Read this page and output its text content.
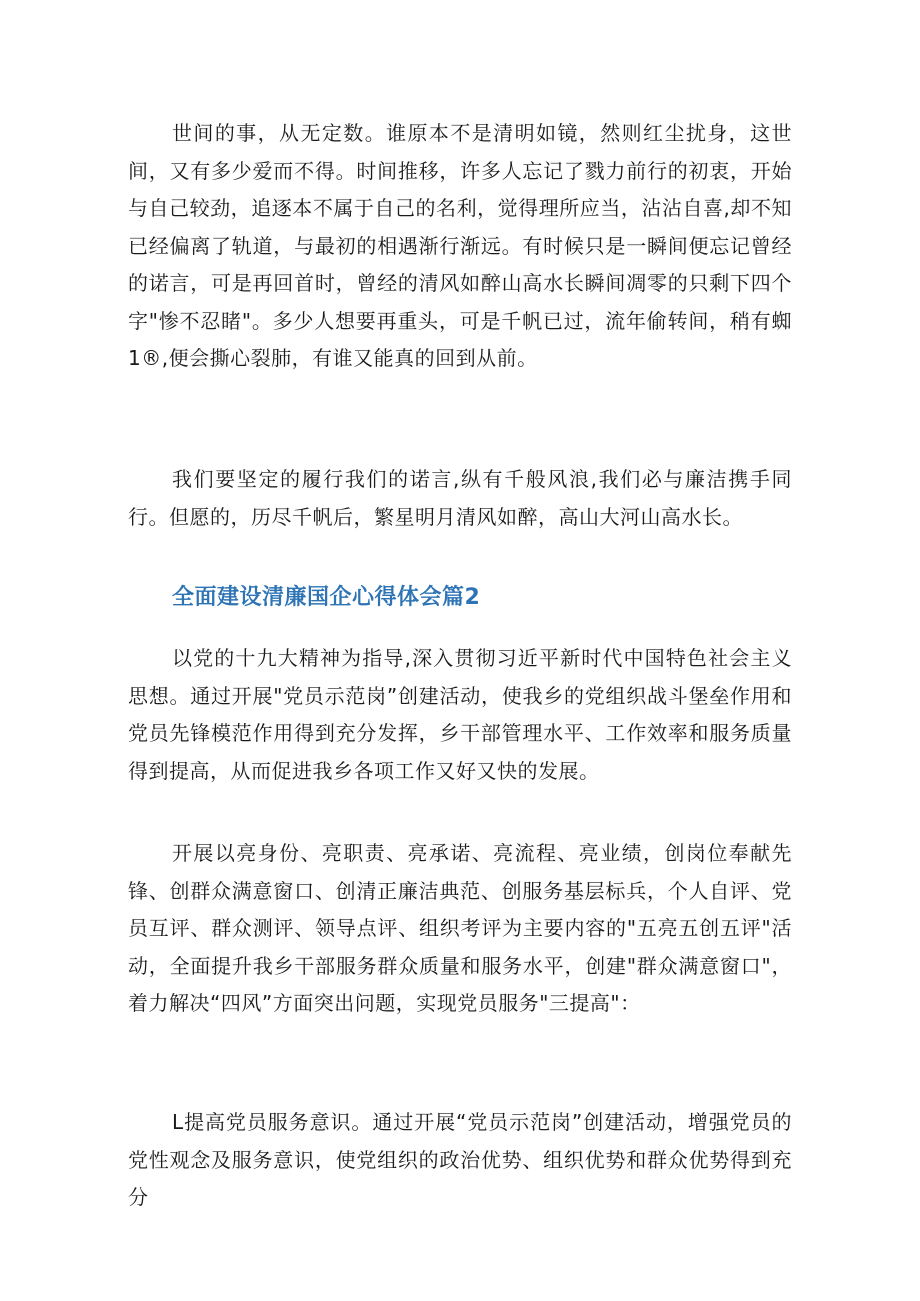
世间的事，从无定数。谁原本不是清明如镜，然则红尘扰身，这世间，又有多少爱而不得。时间推移，许多人忘记了戮力前行的初衷，开始与自己较劲，追逐本不属于自己的名利，觉得理所应当，沾沾自喜,却不知已经偏离了轨道，与最初的相遇渐行渐远。有时候只是一瞬间便忘记曾经的诺言，可是再回首时，曾经的清风如醉山高水长瞬间凋零的只剩下四个字"惨不忍睹"。多少人想要再重头，可是千帆已过，流年偷转间，稍有蜘1®,便会撕心裂肺，有谁又能真的回到从前。

我们要坚定的履行我们的诺言,纵有千般风浪,我们必与廉洁携手同行。但愿的，历尽千帆后，繁星明月清风如醉，高山大河山高水长。

全面建设清廉国企心得体会篇2

以党的十九大精神为指导,深入贯彻习近平新时代中国特色社会主义思想。通过开展"党员示范岗”创建活动，使我乡的党组织战斗堡垒作用和党员先锋模范作用得到充分发挥，乡干部管理水平、工作效率和服务质量得到提高，从而促进我乡各项工作又好又快的发展。

开展以亮身份、亮职责、亮承诺、亮流程、亮业绩，创岗位奉献先锋、创群众满意窗口、创清正廉洁典范、创服务基层标兵，个人自评、党员互评、群众测评、领导点评、组织考评为主要内容的"五亮五创五评"活动，全面提升我乡干部服务群众质量和服务水平，创建"群众满意窗口"，着力解决“四风”方面突出问题，实现党员服务"三提高"：

L提高党员服务意识。通过开展“党员示范岗”创建活动，增强党员的党性观念及服务意识，使党组织的政治优势、组织优势和群众优势得到充分
